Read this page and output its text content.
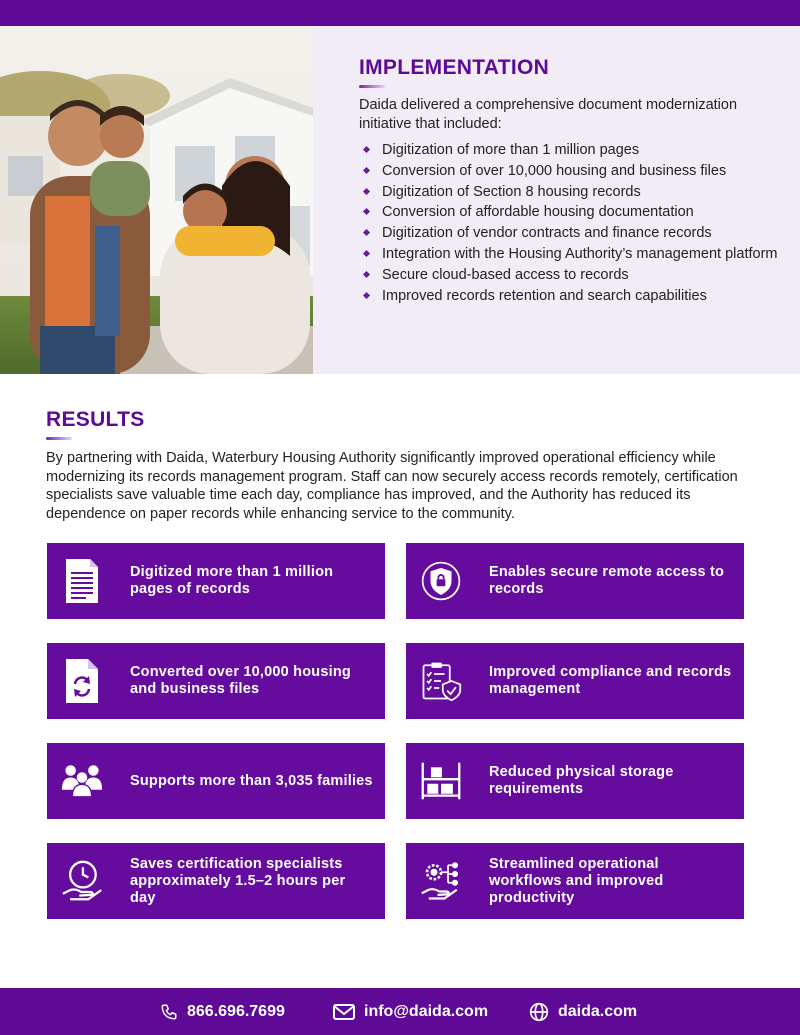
IMPLEMENTATION
Daida delivered a comprehensive document modernization initiative that included:
Digitization of more than 1 million pages
Conversion of over 10,000 housing and business files
Digitization of Section 8 housing records
Conversion of affordable housing documentation
Digitization of vendor contracts and finance records
Integration with the Housing Authority’s management platform
Secure cloud-based access to records
Improved records retention and search capabilities
RESULTS

By partnering with Daida, Waterbury Housing Authority significantly improved operational efficiency while modernizing its records management program. Staff can now securely access records remotely, certification specialists save valuable time each day, compliance has improved, and the Authority has reduced its dependence on paper records while enhancing service to the community.

Digitized more than 1 million pages of records
Enables secure remote access to records
Converted over 10,000 housing and business files
Improved compliance and records management
Supports more than 3,035 families
Reduced physical storage requirements
Saves certification specialists approximately 1.5–2 hours per day
Streamlined operational workflows and improved productivity
866.696.7699	info@daida.com	daida.com
